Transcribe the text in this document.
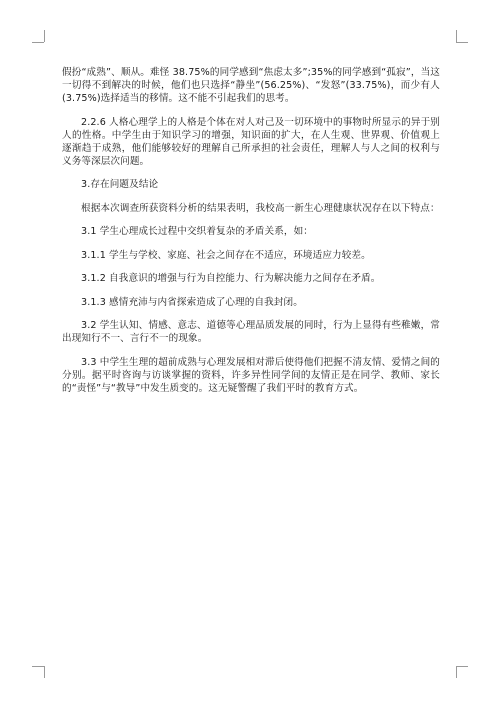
假扮“成熟”、顺从。难怪 38.75%的同学感到“焦虑太多”;35%的同学感到“孤寂”，当这一切得不到解决的时候，他们也只选择“静坐”(56.25%)、“发怒”(33.75%)，而少有人(3.75%)选择适当的移情。这不能不引起我们的思考。

2.2.6 人格心理学上的人格是个体在对人对己及一切环境中的事物时所显示的异于别人的性格。中学生由于知识学习的增强，知识面的扩大，在人生观、世界观、价值观上逐渐趋于成熟，他们能够较好的理解自己所承担的社会责任，理解人与人之间的权利与义务等深层次问题。

3.存在问题及结论

根据本次调查所获资料分析的结果表明，我校高一新生心理健康状况存在以下特点：

3.1 学生心理成长过程中交织着复杂的矛盾关系，如：

3.1.1 学生与学校、家庭、社会之间存在不适应，环境适应力较差。

3.1.2 自我意识的增强与行为自控能力、行为解决能力之间存在矛盾。

3.1.3 感情充沛与内省探索造成了心理的自我封闭。

3.2 学生认知、情感、意志、道德等心理品质发展的同时，行为上显得有些稚嫩，常出现知行不一、言行不一的现象。

3.3 中学生生理的超前成熟与心理发展相对滞后使得他们把握不清友情、爱情之间的分别。据平时咨询与访谈掌握的资料，许多异性同学间的友情正是在同学、教师、家长的“责怪”与“教导”中发生质变的。这无疑警醒了我们平时的教育方式。
